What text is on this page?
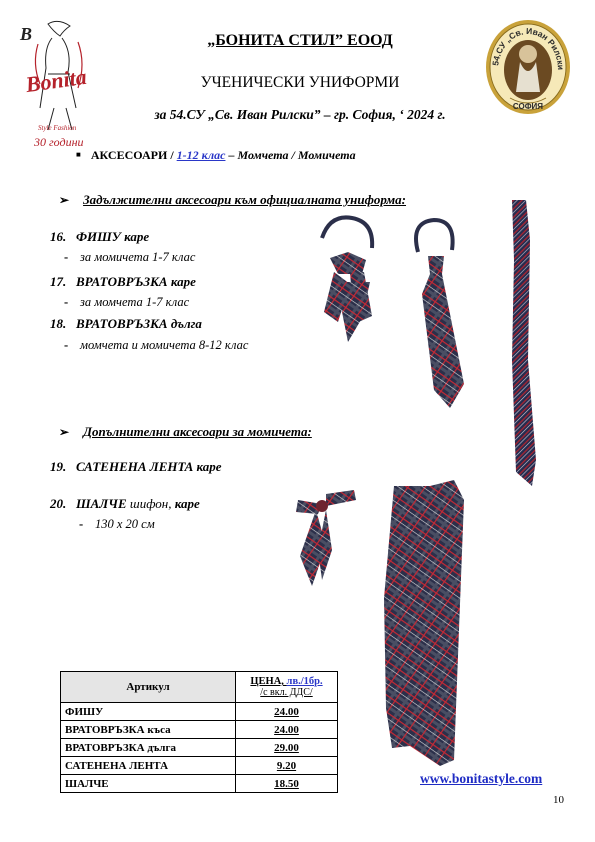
B
Bonita
Style Fashion
30 години
54.СУ „Св. Иван Рилски
СОФИЯ
„БОНИТА СТИЛ” ЕООД
УЧЕНИЧЕСКИ УНИФОРМИ
за 54.СУ „Св. Иван Рилски” – гр. София, ‘ 2024 г.
■ АКСЕСОАРИ / 1-12 клас – Момчета / Момичета
➢ Задължителни аксесоари към официалната униформа:
16. ФИШУ каре
- за момичета 1-7 клас
17. ВРАТОВРЪЗКА каре
- за момчета 1-7 клас
18. ВРАТОВРЪЗКА дълга
- момчета и момичета 8-12 клас
➢ Допълнителни аксесоари за момичета:
19. САТЕНЕНА ЛЕНТА каре
20. ШАЛЧЕ шифон, каре
- 130 х 20 см
Артикул	ЦЕНА, лв./1бр.
/с вкл. ДДС/
ФИШУ	24.00
ВРАТОВРЪЗКА къса	24.00
ВРАТОВРЪЗКА дълга	29.00
САТЕНЕНА ЛЕНТА	9.20
ШАЛЧЕ	18.50	www.bonitastyle.com
10
